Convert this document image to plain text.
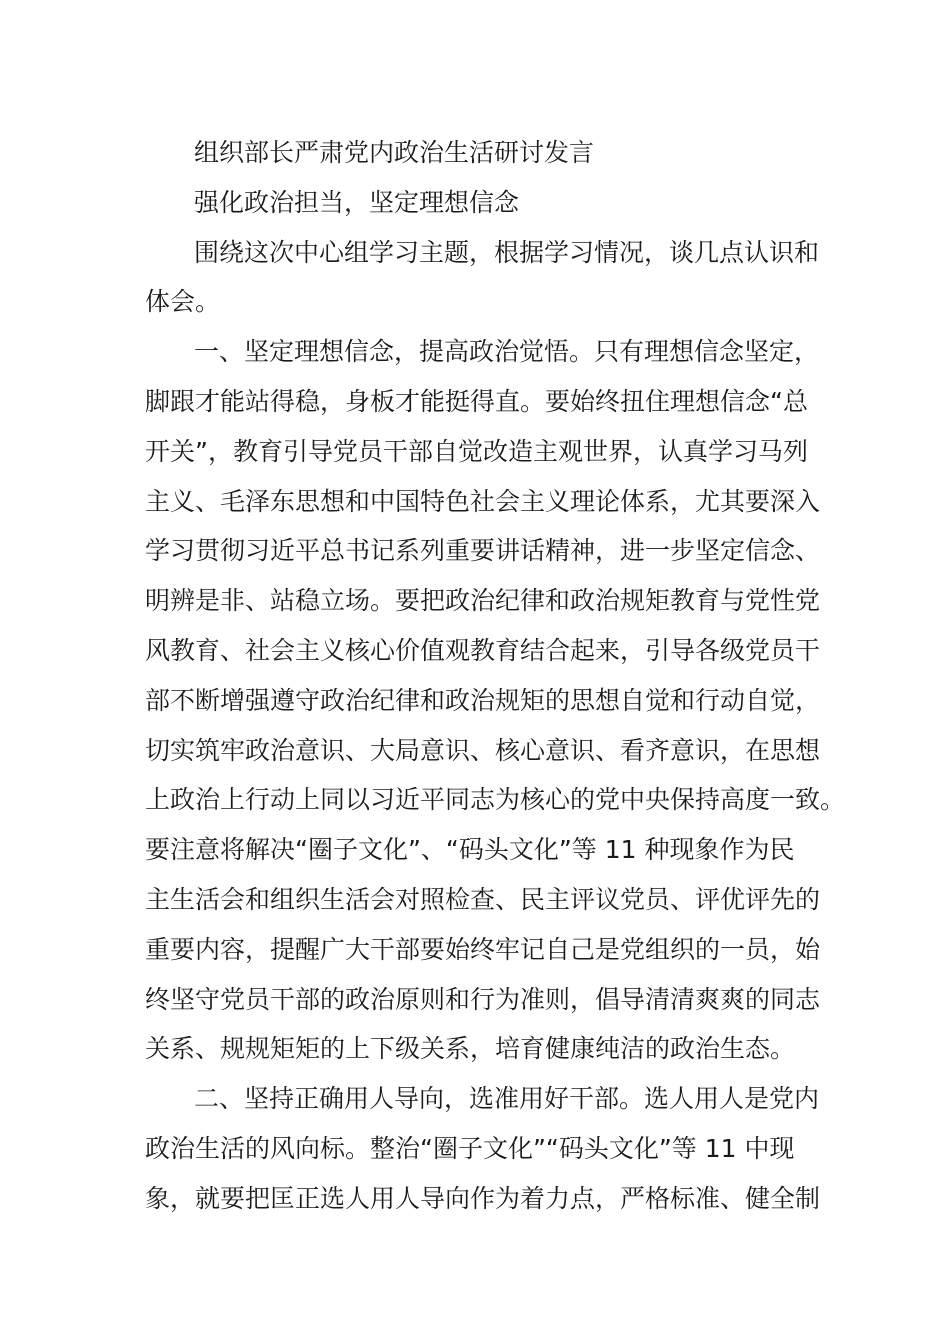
组织部长严肃党内政治生活研讨发言
强化政治担当，坚定理想信念
围绕这次中心组学习主题，根据学习情况，谈几点认识和
体会。
一、坚定理想信念，提高政治觉悟。只有理想信念坚定，
脚跟才能站得稳，身板才能挺得直。要始终扭住理想信念“总
开关”，教育引导党员干部自觉改造主观世界，认真学习马列
主义、毛泽东思想和中国特色社会主义理论体系，尤其要深入
学习贯彻习近平总书记系列重要讲话精神，进一步坚定信念、
明辨是非、站稳立场。要把政治纪律和政治规矩教育与党性党
风教育、社会主义核心价值观教育结合起来，引导各级党员干
部不断增强遵守政治纪律和政治规矩的思想自觉和行动自觉，
切实筑牢政治意识、大局意识、核心意识、看齐意识，在思想
上政治上行动上同以习近平同志为核心的党中央保持高度一致。
要注意将解决“圈子文化”、“码头文化”等 11 种现象作为民
主生活会和组织生活会对照检查、民主评议党员、评优评先的
重要内容，提醒广大干部要始终牢记自己是党组织的一员，始
终坚守党员干部的政治原则和行为准则，倡导清清爽爽的同志
关系、规规矩矩的上下级关系，培育健康纯洁的政治生态。
二、坚持正确用人导向，选准用好干部。选人用人是党内
政治生活的风向标。整治“圈子文化”“码头文化”等 11 中现
象，就要把匡正选人用人导向作为着力点，严格标准、健全制
